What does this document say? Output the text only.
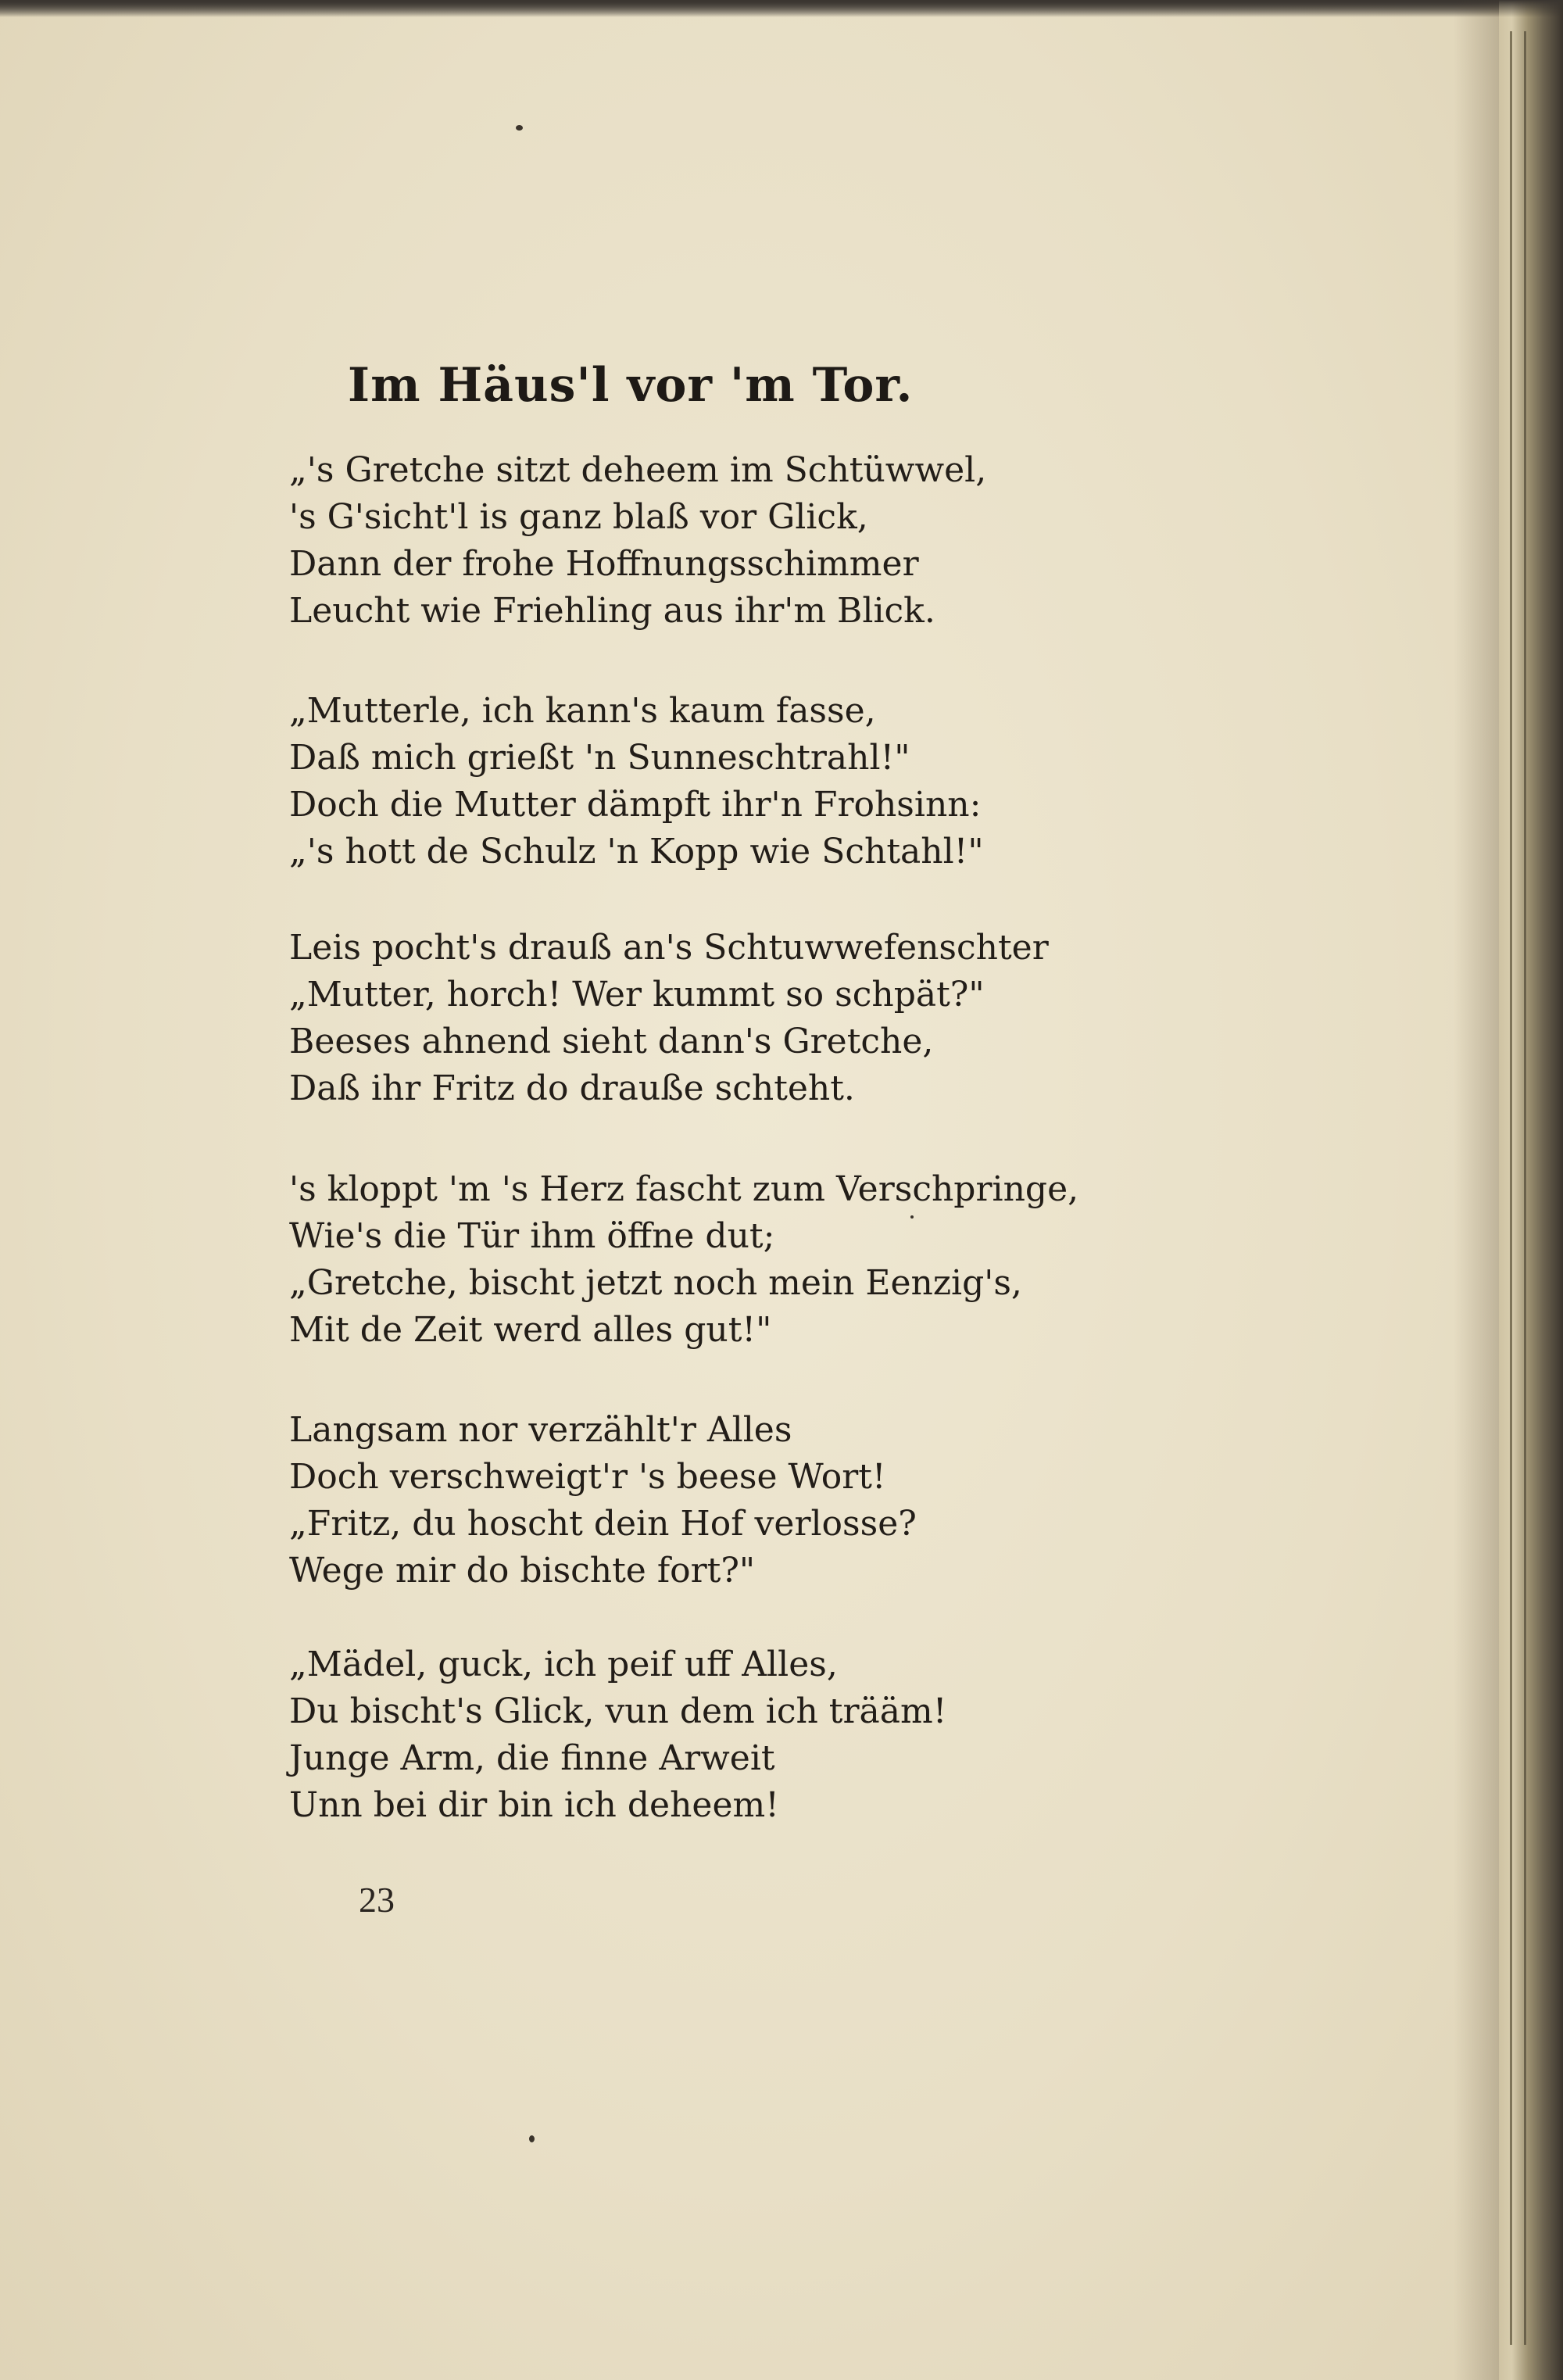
Im Häus'l vor 'm Tor.
„'s Gretche sitzt deheem im Schtüwwel,
's G'sicht'l is ganz blaß vor Glick,
Dann der frohe Hoffnungsschimmer
Leucht wie Friehling aus ihr'm Blick.
„Mutterle, ich kann's kaum fasse,
Daß mich grießt 'n Sunneschtrahl!"
Doch die Mutter dämpft ihr'n Frohsinn:
„'s hott de Schulz 'n Kopp wie Schtahl!"
Leis pocht's drauß an's Schtuwwefenschter
„Mutter, horch! Wer kummt so schpät?"
Beeses ahnend sieht dann's Gretche,
Daß ihr Fritz do drauße schteht.
's kloppt 'm 's Herz fascht zum Verschpringe,
Wie's die Tür ihm öffne dut;
„Gretche, bischt jetzt noch mein Eenzig's,
Mit de Zeit werd alles gut!"
Langsam nor verzählt'r Alles
Doch verschweigt'r 's beese Wort!
„Fritz, du hoscht dein Hof verlosse?
Wege mir do bischte fort?"
„Mädel, guck, ich peif uff Alles,
Du bischt's Glick, vun dem ich trääm!
Junge Arm, die finne Arweit
Unn bei dir bin ich deheem!
23
